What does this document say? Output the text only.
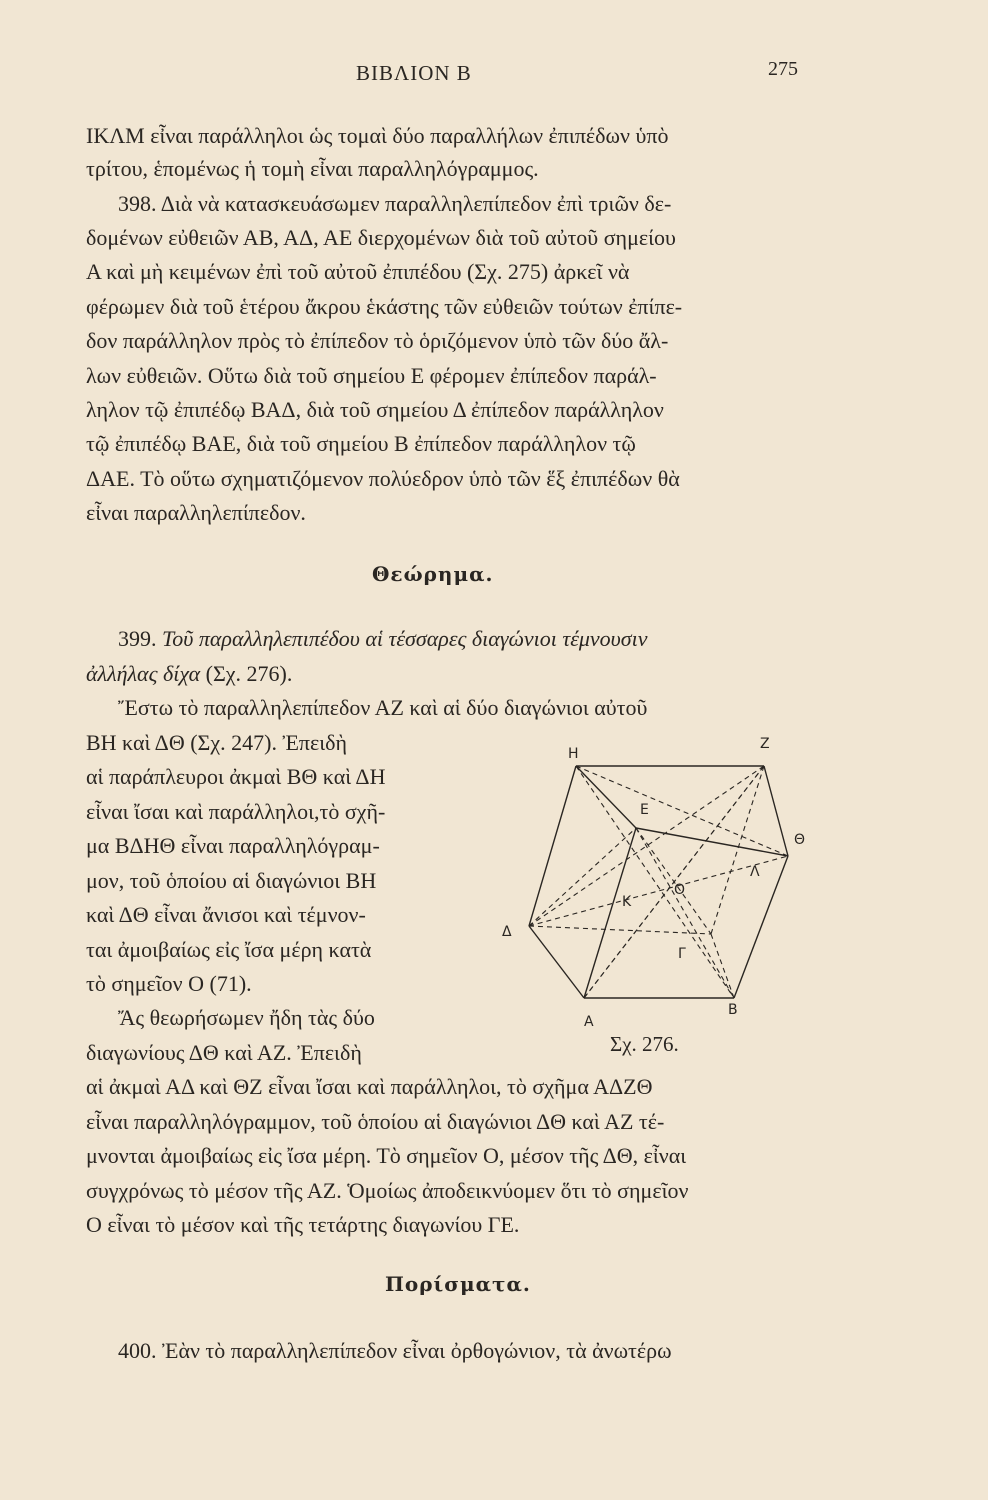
ΒΙΒΛΙΟΝ Β	275
ΙΚΛΜ εἶναι παράλληλοι ὡς τομαὶ δύο παραλλήλων ἐπιπέδων ὑπὸ
τρίτου, ἑπομένως ἡ τομὴ εἶναι παραλληλόγραμμος.
398. Διὰ νὰ κατασκευάσωμεν παραλληλεπίπεδον ἐπὶ τριῶν δε-
δομένων εὐθειῶν ΑΒ, ΑΔ, ΑΕ διερχομένων διὰ τοῦ αὐτοῦ σημείου
Α καὶ μὴ κειμένων ἐπὶ τοῦ αὐτοῦ ἐπιπέδου (Σχ. 275) ἀρκεῖ νὰ
φέρωμεν διὰ τοῦ ἑτέρου ἄκρου ἑκάστης τῶν εὐθειῶν τούτων ἐπίπε-
δον παράλληλον πρὸς τὸ ἐπίπεδον τὸ ὁριζόμενον ὑπὸ τῶν δύο ἄλ-
λων εὐθειῶν. Οὕτω διὰ τοῦ σημείου Ε φέρομεν ἐπίπεδον παράλ-
ληλον τῷ ἐπιπέδῳ ΒΑΔ, διὰ τοῦ σημείου Δ ἐπίπεδον παράλληλον
τῷ ἐπιπέδῳ ΒΑΕ, διὰ τοῦ σημείου Β ἐπίπεδον παράλληλον τῷ
ΔΑΕ. Τὸ οὕτω σχηματιζόμενον πολύεδρον ὑπὸ τῶν ἕξ ἐπιπέδων θὰ
εἶναι παραλληλεπίπεδον.
Θεώρημα.
399. Τοῦ παραλληλεπιπέδου αἱ τέσσαρες διαγώνιοι τέμνουσιν
ἀλλήλας δίχα (Σχ. 276).
Ἔστω τὸ παραλληλεπίπεδον ΑΖ καὶ αἱ δύο διαγώνιοι αὐτοῦ
ΒΗ καὶ ΔΘ (Σχ. 247). Ἐπειδὴ
αἱ παράπλευροι ἀκμαὶ ΒΘ καὶ ΔΗ
εἶναι ἴσαι καὶ παράλληλοι,τὸ σχῆ-
μα ΒΔΗΘ εἶναι παραλληλόγραμ-
μον, τοῦ ὁποίου αἱ διαγώνιοι ΒΗ
καὶ ΔΘ εἶναι ἄνισοι καὶ τέμνον-
ται ἀμοιβαίως εἰς ἴσα μέρη κατὰ
τὸ σημεῖον Ο (71).
Ἄς θεωρήσωμεν ἤδη τὰς δύο
διαγωνίους ΔΘ καὶ ΑΖ. Ἐπειδὴ
Η
Ζ
Ε
Θ
Λ
Κ
Ο
Δ
Γ
Α
Β
Σχ. 276.
αἱ ἀκμαὶ ΑΔ καὶ ΘΖ εἶναι ἴσαι καὶ παράλληλοι, τὸ σχῆμα ΑΔΖΘ
εἶναι παραλληλόγραμμον, τοῦ ὁποίου αἱ διαγώνιοι ΔΘ καὶ ΑΖ τέ-
μνονται ἀμοιβαίως εἰς ἴσα μέρη. Τὸ σημεῖον Ο, μέσον τῆς ΔΘ, εἶναι
συγχρόνως τὸ μέσον τῆς ΑΖ. Ὁμοίως ἀποδεικνύομεν ὅτι τὸ σημεῖον
Ο εἶναι τὸ μέσον καὶ τῆς τετάρτης διαγωνίου ΓΕ.
Πορίσματα.
400. Ἐὰν τὸ παραλληλεπίπεδον εἶναι ὀρθογώνιον, τὰ ἀνωτέρω
